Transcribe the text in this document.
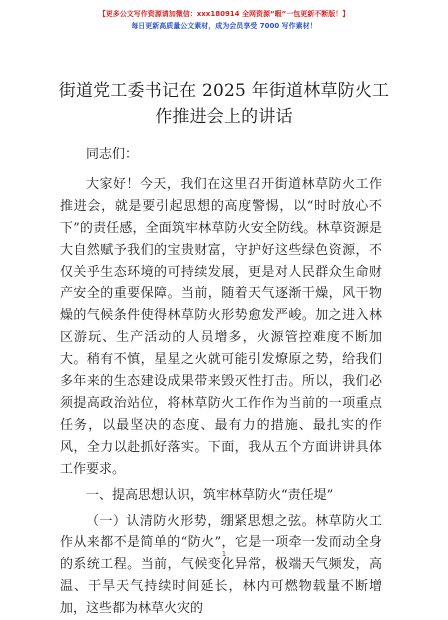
【更多公文写作资源请加微信：xxx180914 全网资源“暇”一包更新不断版！】
每日更新高质量公文素材，成为会员享受 7000 写作素材！
街道党工委书记在 2025 年街道林草防火工作推进会上的讲话

同志们：

大家好！今天，我们在这里召开街道林草防火工作推进会，就是要引起思想的高度警惕，以“时时放心不下”的责任感，全面筑牢林草防火安全防线。林草资源是大自然赋予我们的宝贵财富，守护好这些绿色资源，不仅关乎生态环境的可持续发展，更是对人民群众生命财产安全的重要保障。当前，随着天气逐渐干燥，风干物燥的气候条件使得林草防火形势愈发严峻。加之进入林区游玩、生产活动的人员增多，火源管控难度不断加大。稍有不慎，星星之火就可能引发燎原之势，给我们多年来的生态建设成果带来毁灭性打击。所以，我们必须提高政治站位，将林草防火工作作为当前的一项重点任务，以最坚决的态度、最有力的措施、最扎实的作风，全力以赴抓好落实。下面，我从五个方面讲讲具体工作要求。

一、提高思想认识，筑牢林草防火“责任堤”

（一）认清防火形势，绷紧思想之弦。林草防火工作从来都不是简单的“防火”，它是一项牵一发而动全身的系统工程。当前，气候变化异常，极端天气频发，高温、干旱天气持续时间延长，林内可燃物载量不断增加，这些都为林草火灾的

1
